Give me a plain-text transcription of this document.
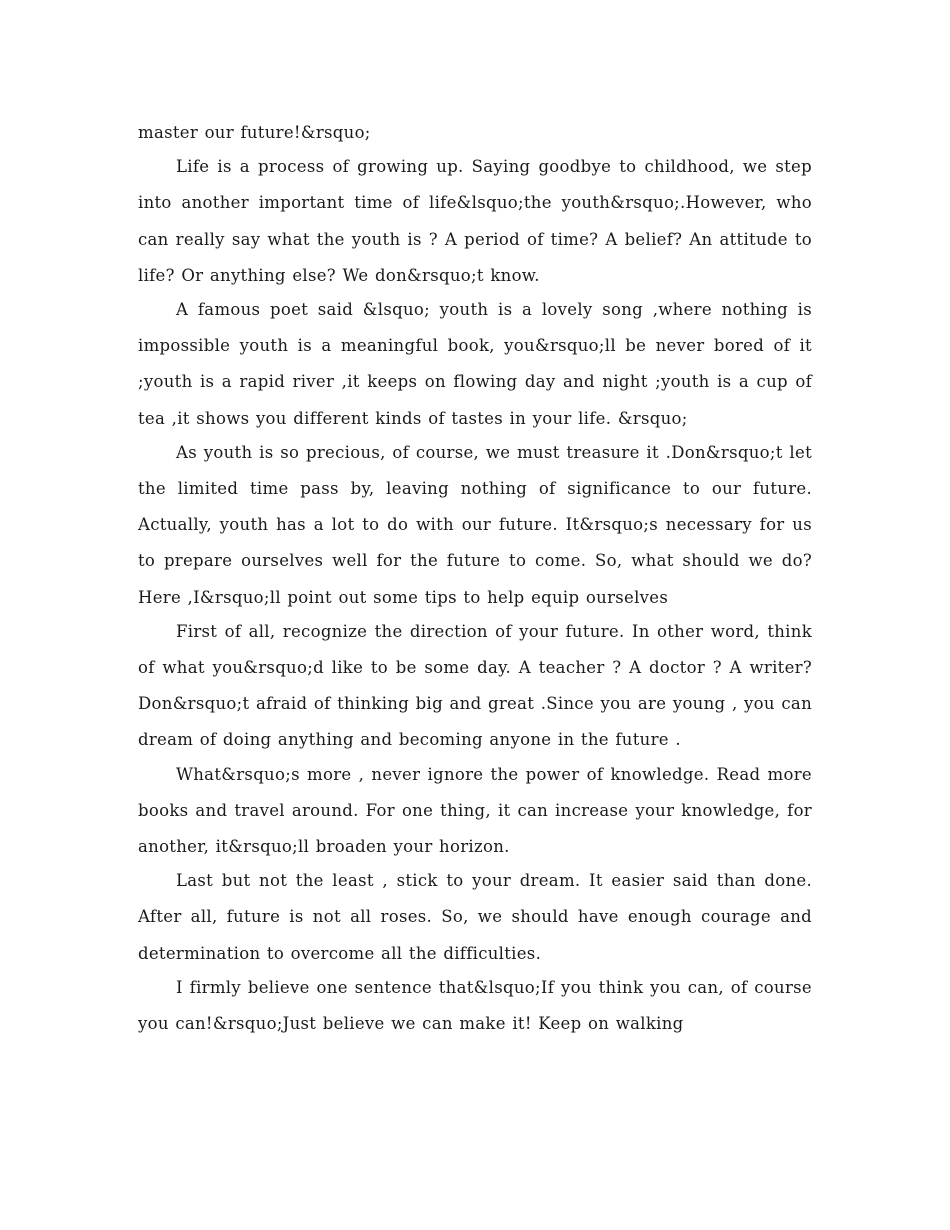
master our future!&rsquo;

Life is a process of growing up. Saying goodbye to childhood, we step into another important time of life&lsquo;the youth&rsquo;.However, who can really say what the youth is ? A period of time? A belief? An attitude to life? Or anything else? We don&rsquo;t know.

A famous poet said &lsquo; youth is a lovely song ,where nothing is impossible youth is a meaningful book, you&rsquo;ll be never bored of it ;youth is a rapid river ,it keeps on flowing day and night ;youth is a cup of tea ,it shows you different kinds of tastes in your life. &rsquo;

As youth is so precious, of course, we must treasure it .Don&rsquo;t let the limited time pass by, leaving nothing of significance to our future. Actually, youth has a lot to do with our future. It&rsquo;s necessary for us to prepare ourselves well for the future to come. So, what should we do? Here ,I&rsquo;ll point out some tips to help equip ourselves

First of all, recognize the direction of your future. In other word, think of what you&rsquo;d like to be some day. A teacher ? A doctor ? A writer? Don&rsquo;t afraid of thinking big and great .Since you are young , you can dream of doing anything and becoming anyone in the future .

What&rsquo;s more , never ignore the power of knowledge. Read more books and travel around. For one thing, it can increase your knowledge, for another, it&rsquo;ll broaden your horizon.

Last but not the least , stick to your dream. It easier said than done. After all, future is not all roses. So, we should have enough courage and determination to overcome all the difficulties.

I firmly believe one sentence that&lsquo;If you think you can, of course you can!&rsquo;Just believe we can make it! Keep on walking
